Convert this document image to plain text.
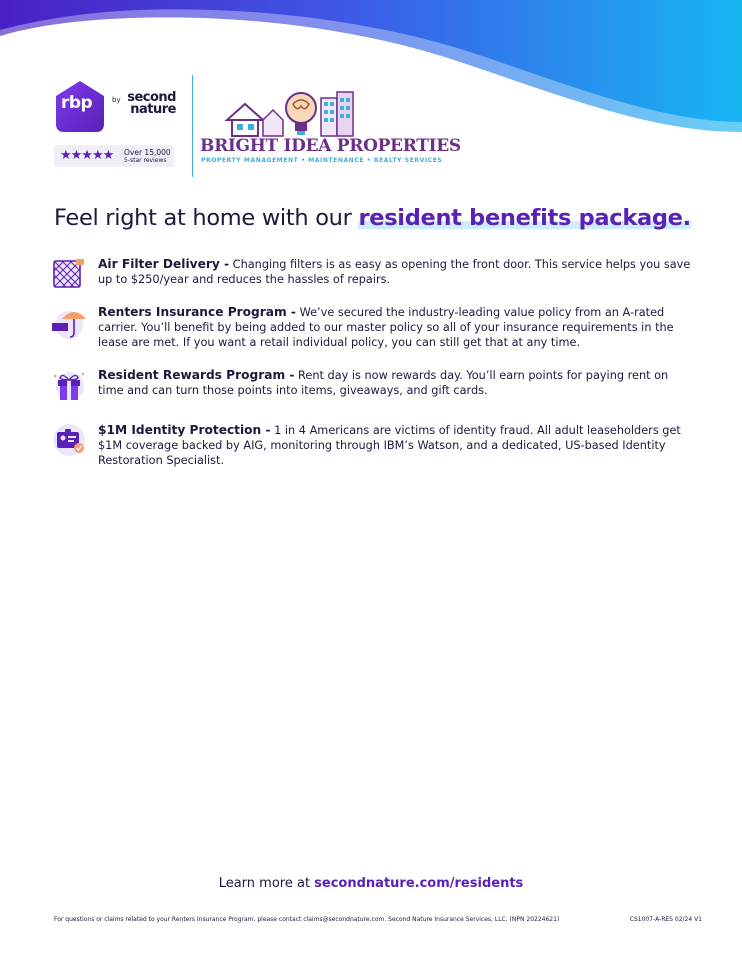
rbp	by second
nature
★★★★★ Over 15,000
5-star reviews
BRIGHT IDEA PROPERTIES
PROPERTY MANAGEMENT • MAINTENANCE • REALTY SERVICES
Feel right at home with our resident benefits package.
Air Filter Delivery - Changing filters is as easy as opening the front door. This service helps you save up to $250/year and reduces the hassles of repairs.
Renters Insurance Program - We’ve secured the industry-leading value policy from an A-rated carrier. You’ll benefit by being added to our master policy so all of your insurance requirements in the lease are met. If you want a retail individual policy, you can still get that at any time.
Resident Rewards Program - Rent day is now rewards day. You’ll earn points for paying rent on time and can turn those points into items, giveaways, and gift cards.
$1M Identity Protection - 1 in 4 Americans are victims of identity fraud. All adult leaseholders get $1M coverage backed by AIG, monitoring through IBM’s Watson, and a dedicated, US-based Identity Restoration Specialist.
Learn more at secondnature.com/residents
For questions or claims related to your Renters Insurance Program, please contact claims@secondnature.com. Second Nature Insurance Services, LLC. (NPN 20224621)	CS1007-A-RES 02/24 V1
